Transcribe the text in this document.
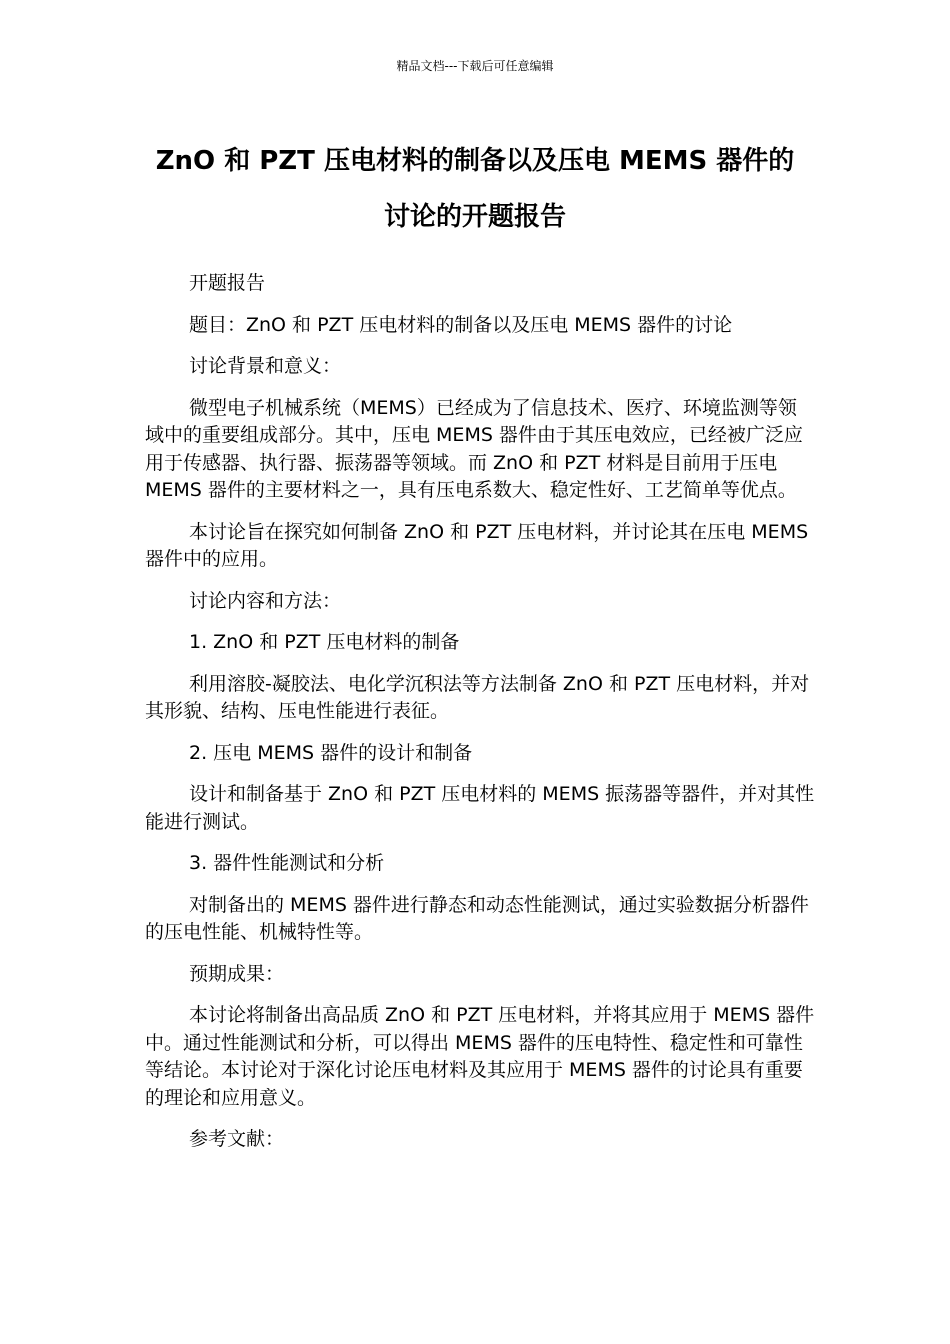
精品文档---下载后可任意编辑
ZnO 和 PZT 压电材料的制备以及压电 MEMS 器件的
讨论的开题报告

开题报告

题目：ZnO 和 PZT 压电材料的制备以及压电 MEMS 器件的讨论

讨论背景和意义：

微型电子机械系统（MEMS）已经成为了信息技术、医疗、环境监测等领域中的重要组成部分。其中，压电 MEMS 器件由于其压电效应，已经被广泛应用于传感器、执行器、振荡器等领域。而 ZnO 和 PZT 材料是目前用于压电 MEMS 器件的主要材料之一，具有压电系数大、稳定性好、工艺简单等优点。

本讨论旨在探究如何制备 ZnO 和 PZT 压电材料，并讨论其在压电 MEMS 器件中的应用。

讨论内容和方法：

1. ZnO 和 PZT 压电材料的制备

利用溶胶-凝胶法、电化学沉积法等方法制备 ZnO 和 PZT 压电材料，并对其形貌、结构、压电性能进行表征。

2. 压电 MEMS 器件的设计和制备

设计和制备基于 ZnO 和 PZT 压电材料的 MEMS 振荡器等器件，并对其性能进行测试。

3. 器件性能测试和分析

对制备出的 MEMS 器件进行静态和动态性能测试，通过实验数据分析器件的压电性能、机械特性等。

预期成果：

本讨论将制备出高品质 ZnO 和 PZT 压电材料，并将其应用于 MEMS 器件中。通过性能测试和分析，可以得出 MEMS 器件的压电特性、稳定性和可靠性等结论。本讨论对于深化讨论压电材料及其应用于 MEMS 器件的讨论具有重要的理论和应用意义。

参考文献：
